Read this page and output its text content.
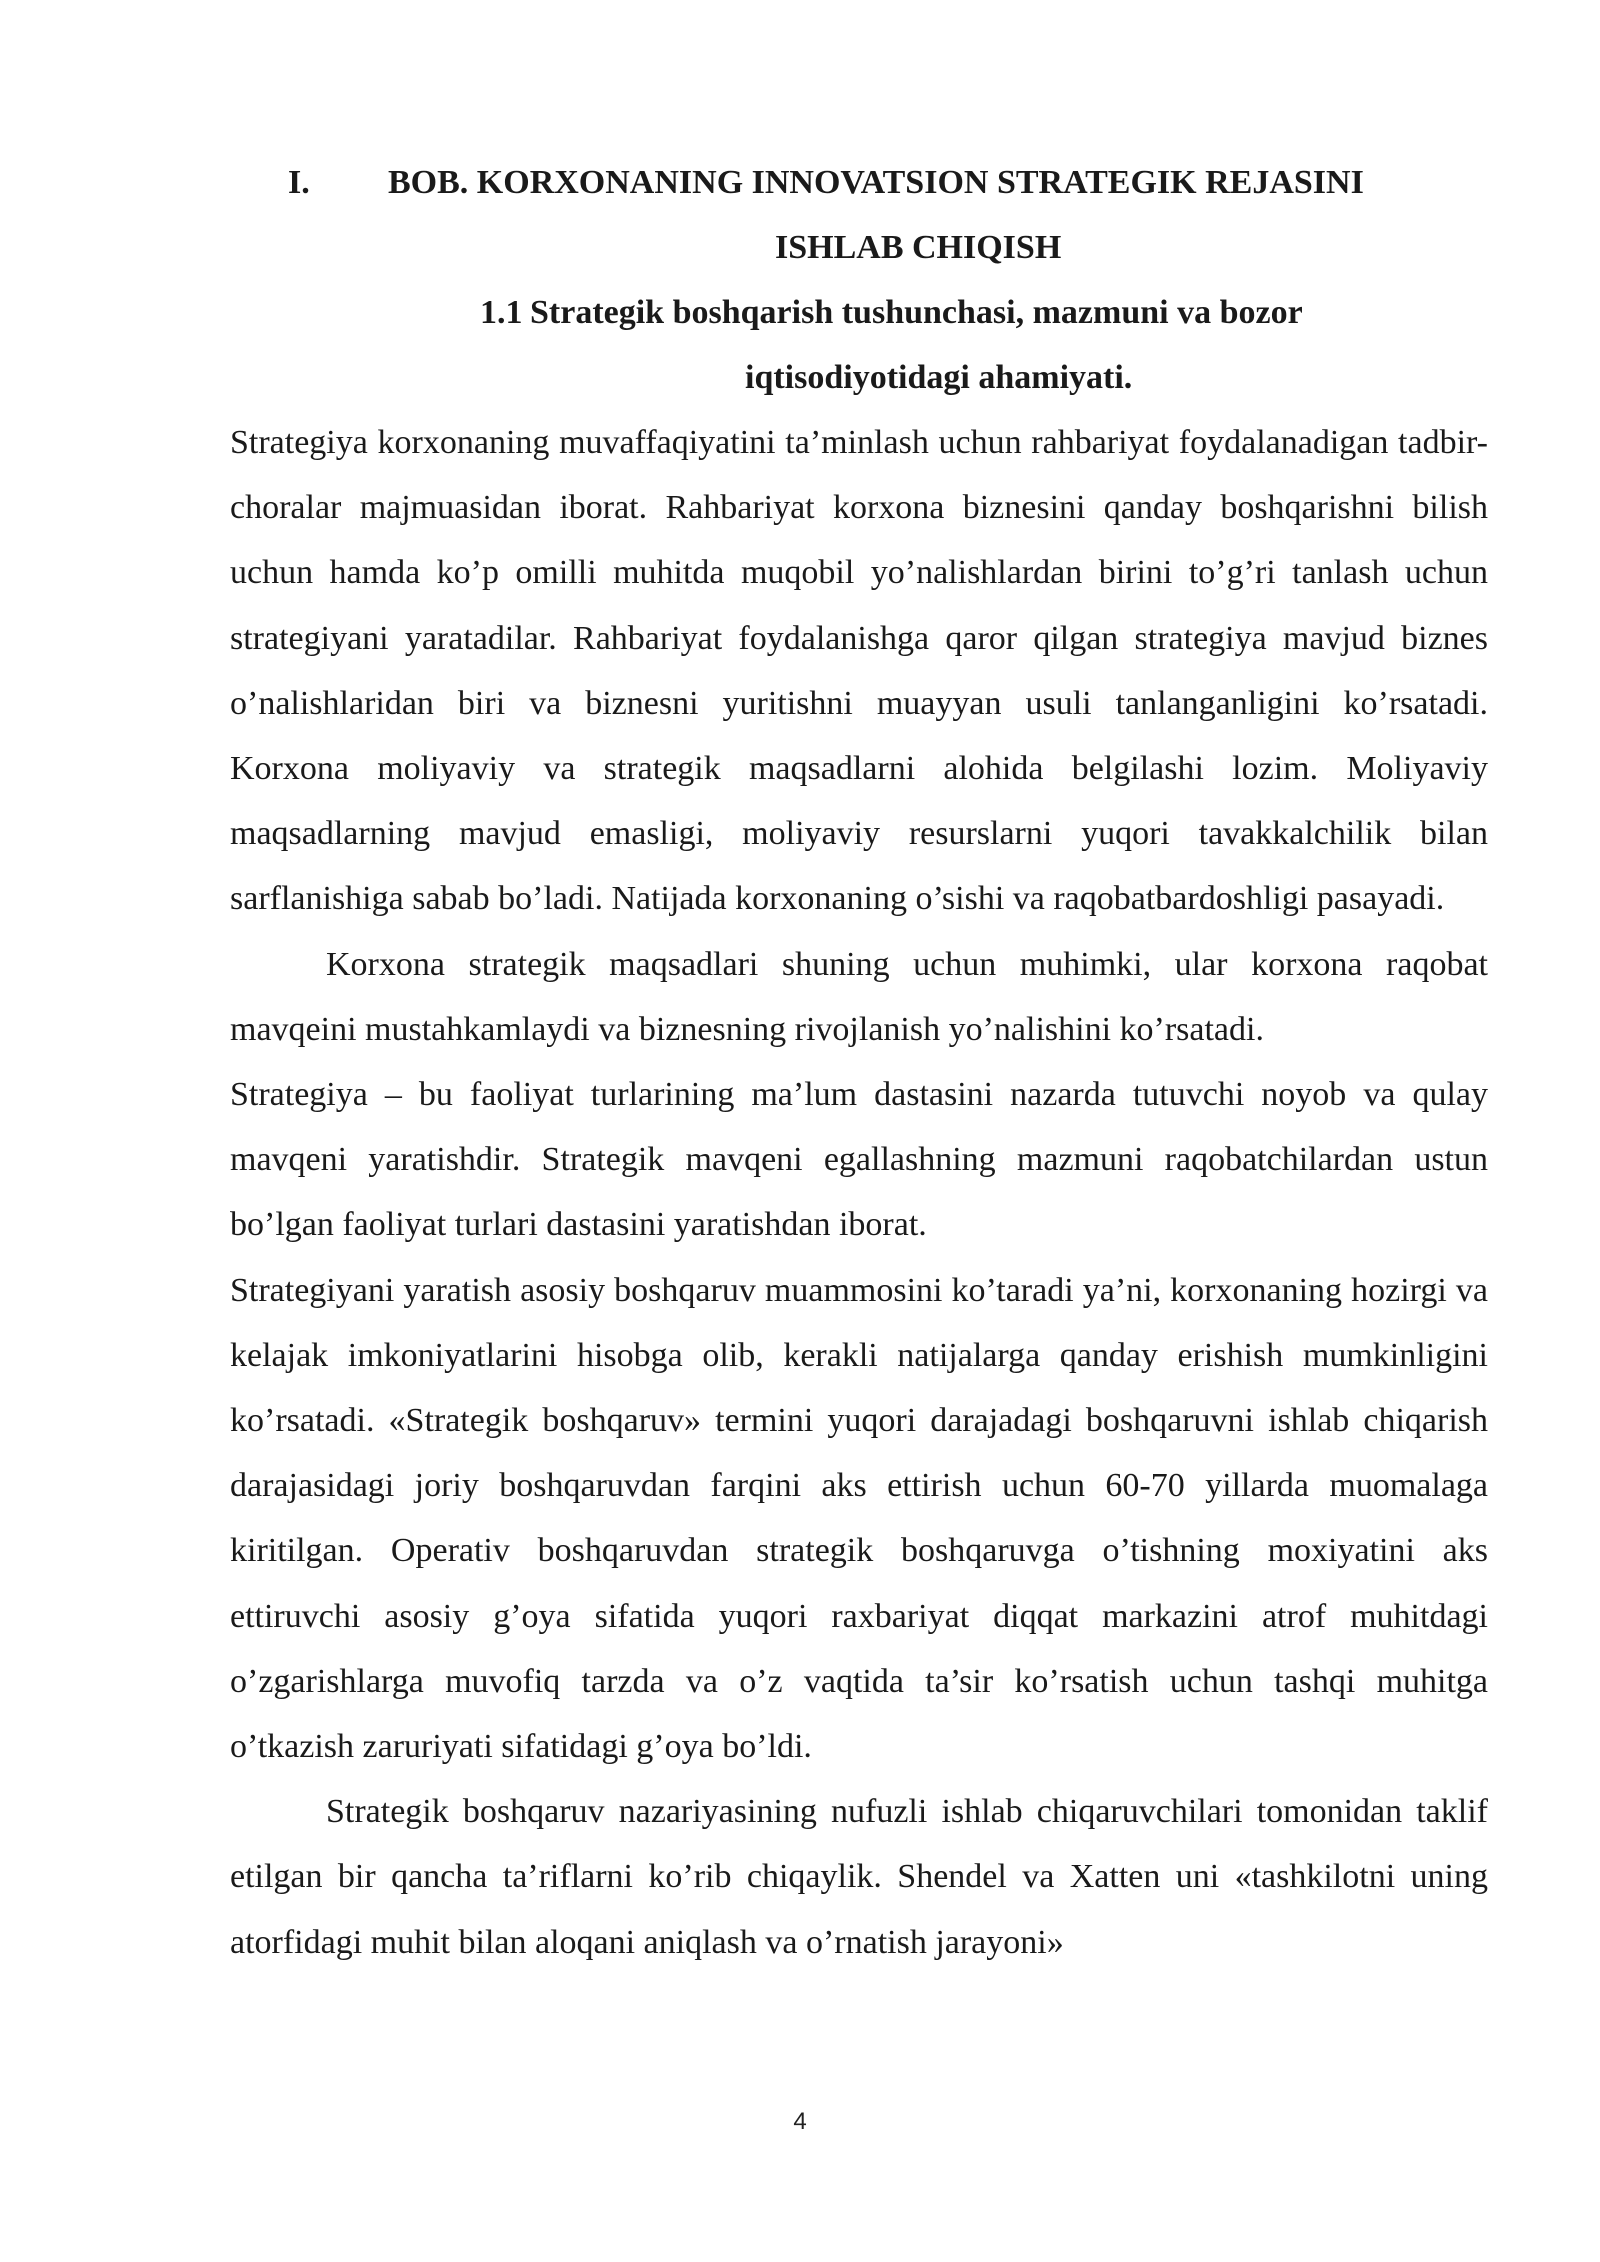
I.	BOB. KORXONANING INNOVATSION STRATEGIK REJASINI
ISHLAB CHIQISH
1.1 Strategik boshqarish tushunchasi, mazmuni va bozor
iqtisodiyotidagi ahamiyati.

Strategiya korxonaning muvaffaqiyatini ta’minlash uchun rahbariyat foydalanadigan tadbir-choralar majmuasidan iborat. Rahbariyat korxona biznesini qanday boshqarishni bilish uchun hamda ko’p omilli muhitda muqobil yo’nalishlardan birini to’g’ri tanlash uchun strategiyani yaratadilar. Rahbariyat foydalanishga qaror qilgan strategiya mavjud biznes o’nalishlaridan biri va biznesni yuritishni muayyan usuli tanlanganligini ko’rsatadi. Korxona moliyaviy va strategik maqsadlarni alohida belgilashi lozim. Moliyaviy maqsadlarning mavjud emasligi, moliyaviy resurslarni yuqori tavakkalchilik bilan sarflanishiga sabab bo’ladi. Natijada korxonaning o’sishi va raqobatbardoshligi pasayadi.

Korxona strategik maqsadlari shuning uchun muhimki, ular korxona raqobat mavqeini mustahkamlaydi va biznesning rivojlanish yo’nalishini ko’rsatadi.

Strategiya – bu faoliyat turlarining ma’lum dastasini nazarda tutuvchi noyob va qulay mavqeni yaratishdir. Strategik mavqeni egallashning mazmuni raqobatchilardan ustun bo’lgan faoliyat turlari dastasini yaratishdan iborat.

Strategiyani yaratish asosiy boshqaruv muammosini ko’taradi ya’ni, korxonaning hozirgi va kelajak imkoniyatlarini hisobga olib, kerakli natijalarga qanday erishish mumkinligini ko’rsatadi. «Strategik boshqaruv» termini yuqori darajadagi boshqaruvni ishlab chiqarish darajasidagi joriy boshqaruvdan farqini aks ettirish uchun 60-70 yillarda muomalaga kiritilgan. Operativ boshqaruvdan strategik boshqaruvga o’tishning moxiyatini aks ettiruvchi asosiy g’oya sifatida yuqori raxbariyat diqqat markazini atrof muhitdagi o’zgarishlarga muvofiq tarzda va o’z vaqtida ta’sir ko’rsatish uchun tashqi muhitga o’tkazish zaruriyati sifatidagi g’oya bo’ldi.

Strategik boshqaruv nazariyasining nufuzli ishlab chiqaruvchilari tomonidan taklif etilgan bir qancha ta’riflarni ko’rib chiqaylik. Shendel va Xatten uni «tashkilotni uning atorfidagi muhit bilan aloqani aniqlash va o’rnatish jarayoni»

4
